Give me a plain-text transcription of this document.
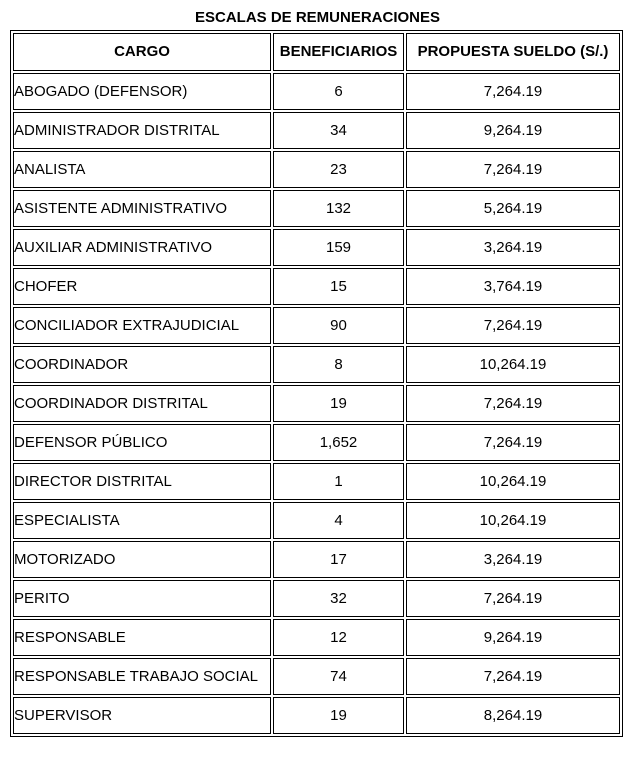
ESCALAS DE REMUNERACIONES
CARGO	BENEFICIARIOS	PROPUESTA SUELDO (S/.)
ABOGADO (DEFENSOR)	6	7,264.19
ADMINISTRADOR DISTRITAL	34	9,264.19
ANALISTA	23	7,264.19
ASISTENTE ADMINISTRATIVO	132	5,264.19
AUXILIAR ADMINISTRATIVO	159	3,264.19
CHOFER	15	3,764.19
CONCILIADOR EXTRAJUDICIAL	90	7,264.19
COORDINADOR	8	10,264.19
COORDINADOR DISTRITAL	19	7,264.19
DEFENSOR PÚBLICO	1,652	7,264.19
DIRECTOR DISTRITAL	1	10,264.19
ESPECIALISTA	4	10,264.19
MOTORIZADO	17	3,264.19
PERITO	32	7,264.19
RESPONSABLE	12	9,264.19
RESPONSABLE TRABAJO SOCIAL	74	7,264.19
SUPERVISOR	19	8,264.19
